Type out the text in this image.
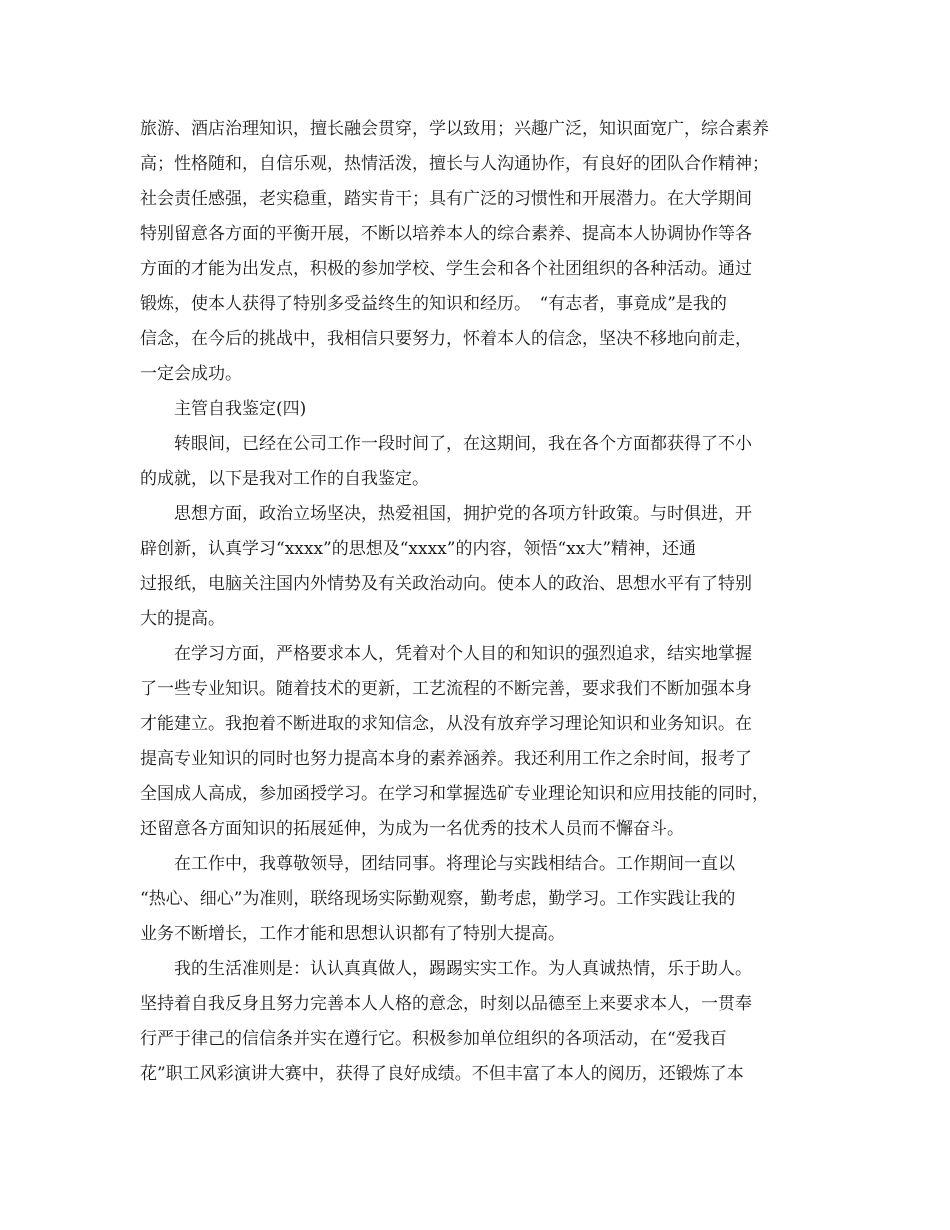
旅游、酒店治理知识，擅长融会贯穿，学以致用；兴趣广泛，知识面宽广，综合素养
高；性格随和，自信乐观，热情活泼，擅长与人沟通协作，有良好的团队合作精神；
社会责任感强，老实稳重，踏实肯干；具有广泛的习惯性和开展潜力。在大学期间
特别留意各方面的平衡开展，不断以培养本人的综合素养、提高本人协调协作等各
方面的才能为出发点，积极的参加学校、学生会和各个社团组织的各种活动。通过
锻炼，使本人获得了特别多受益终生的知识和经历。　“有志者，事竟成”是我的
信念，在今后的挑战中，我相信只要努力，怀着本人的信念，坚决不移地向前走，
一定会成功。
主管自我鉴定(四)
转眼间，已经在公司工作一段时间了，在这期间，我在各个方面都获得了不小
的成就，以下是我对工作的自我鉴定。
思想方面，政治立场坚决，热爱祖国，拥护党的各项方针政策。与时俱进，开
辟创新，认真学习“xxxx”的思想及“xxxx”的内容，领悟“xx大”精神，还通
过报纸，电脑关注国内外情势及有关政治动向。使本人的政治、思想水平有了特别
大的提高。
在学习方面，严格要求本人，凭着对个人目的和知识的强烈追求，结实地掌握
了一些专业知识。随着技术的更新，工艺流程的不断完善，要求我们不断加强本身
才能建立。我抱着不断进取的求知信念，从没有放弃学习理论知识和业务知识。在
提高专业知识的同时也努力提高本身的素养涵养。我还利用工作之余时间，报考了
全国成人高成，参加函授学习。在学习和掌握选矿专业理论知识和应用技能的同时，
还留意各方面知识的拓展延伸，为成为一名优秀的技术人员而不懈奋斗。
在工作中，我尊敬领导，团结同事。将理论与实践相结合。工作期间一直以
“热心、细心”为准则，联络现场实际勤观察，勤考虑，勤学习。工作实践让我的
业务不断增长，工作才能和思想认识都有了特别大提高。
我的生活准则是：认认真真做人，踢踢实实工作。为人真诚热情，乐于助人。
坚持着自我反身且努力完善本人人格的意念，时刻以品德至上来要求本人，一贯奉
行严于律己的信信条并实在遵行它。积极参加单位组织的各项活动，在“爱我百
花”职工风彩演讲大赛中，获得了良好成绩。不但丰富了本人的阅历，还锻炼了本
